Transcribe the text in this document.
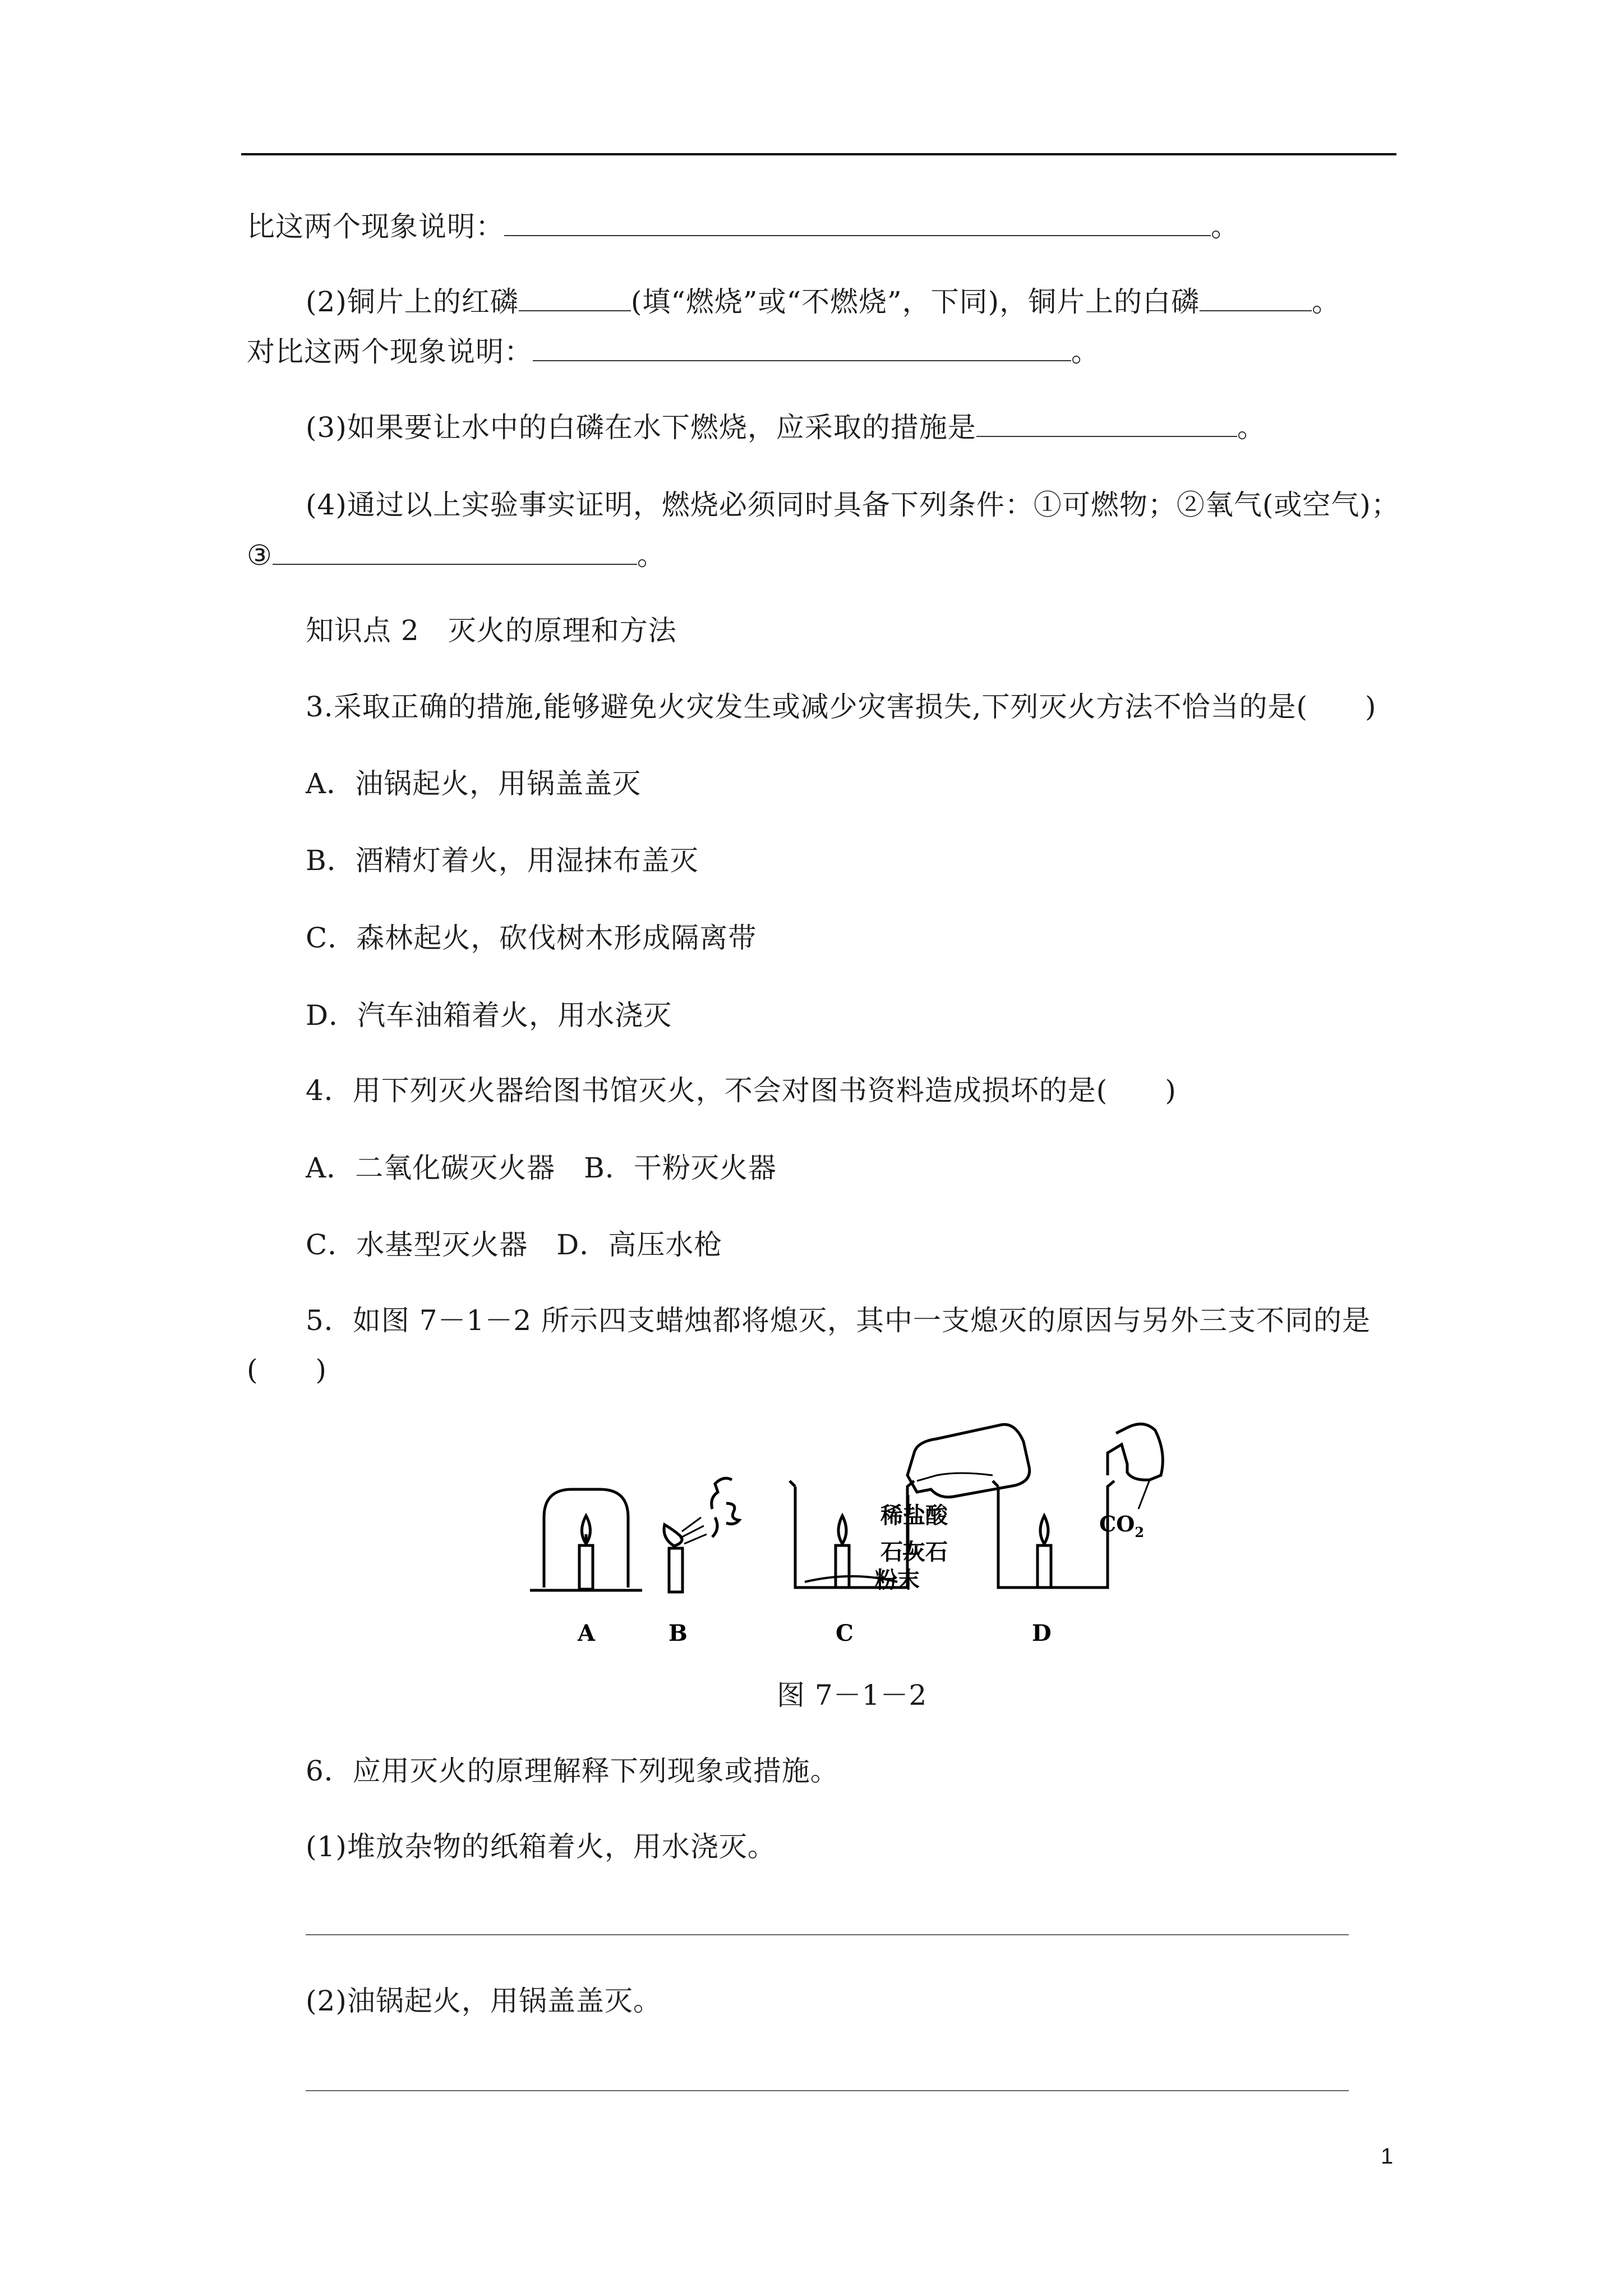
比这两个现象说明：	。
(2)铜片上的红磷	(填“燃烧”或“不燃烧”，下同)，铜片上的白磷	。
对比这两个现象说明：	。
(3)如果要让水中的白磷在水下燃烧，应采取的措施是	。
(4)通过以上实验事实证明，燃烧必须同时具备下列条件：①可燃物；②氧气(或空气)；
③	。
知识点 2　灭火的原理和方法
3.采取正确的措施,能够避免火灾发生或减少灾害损失,下列灭火方法不恰当的是(　　)
A．油锅起火，用锅盖盖灭
B．酒精灯着火，用湿抹布盖灭
C．森林起火，砍伐树木形成隔离带
D．汽车油箱着火，用水浇灭
4．用下列灭火器给图书馆灭火，不会对图书资料造成损坏的是(　　)
A．二氧化碳灭火器　B．干粉灭火器
C．水基型灭火器　D．高压水枪
5．如图 7－1－2 所示四支蜡烛都将熄灭，其中一支熄灭的原因与另外三支不同的是
(　　)
A	B	C	D
稀盐酸
石灰石
粉末
$CO_2$
图 7－1－2
6．应用灭火的原理解释下列现象或措施。
(1)堆放杂物的纸箱着火，用水浇灭。
(2)油锅起火，用锅盖盖灭。
1
